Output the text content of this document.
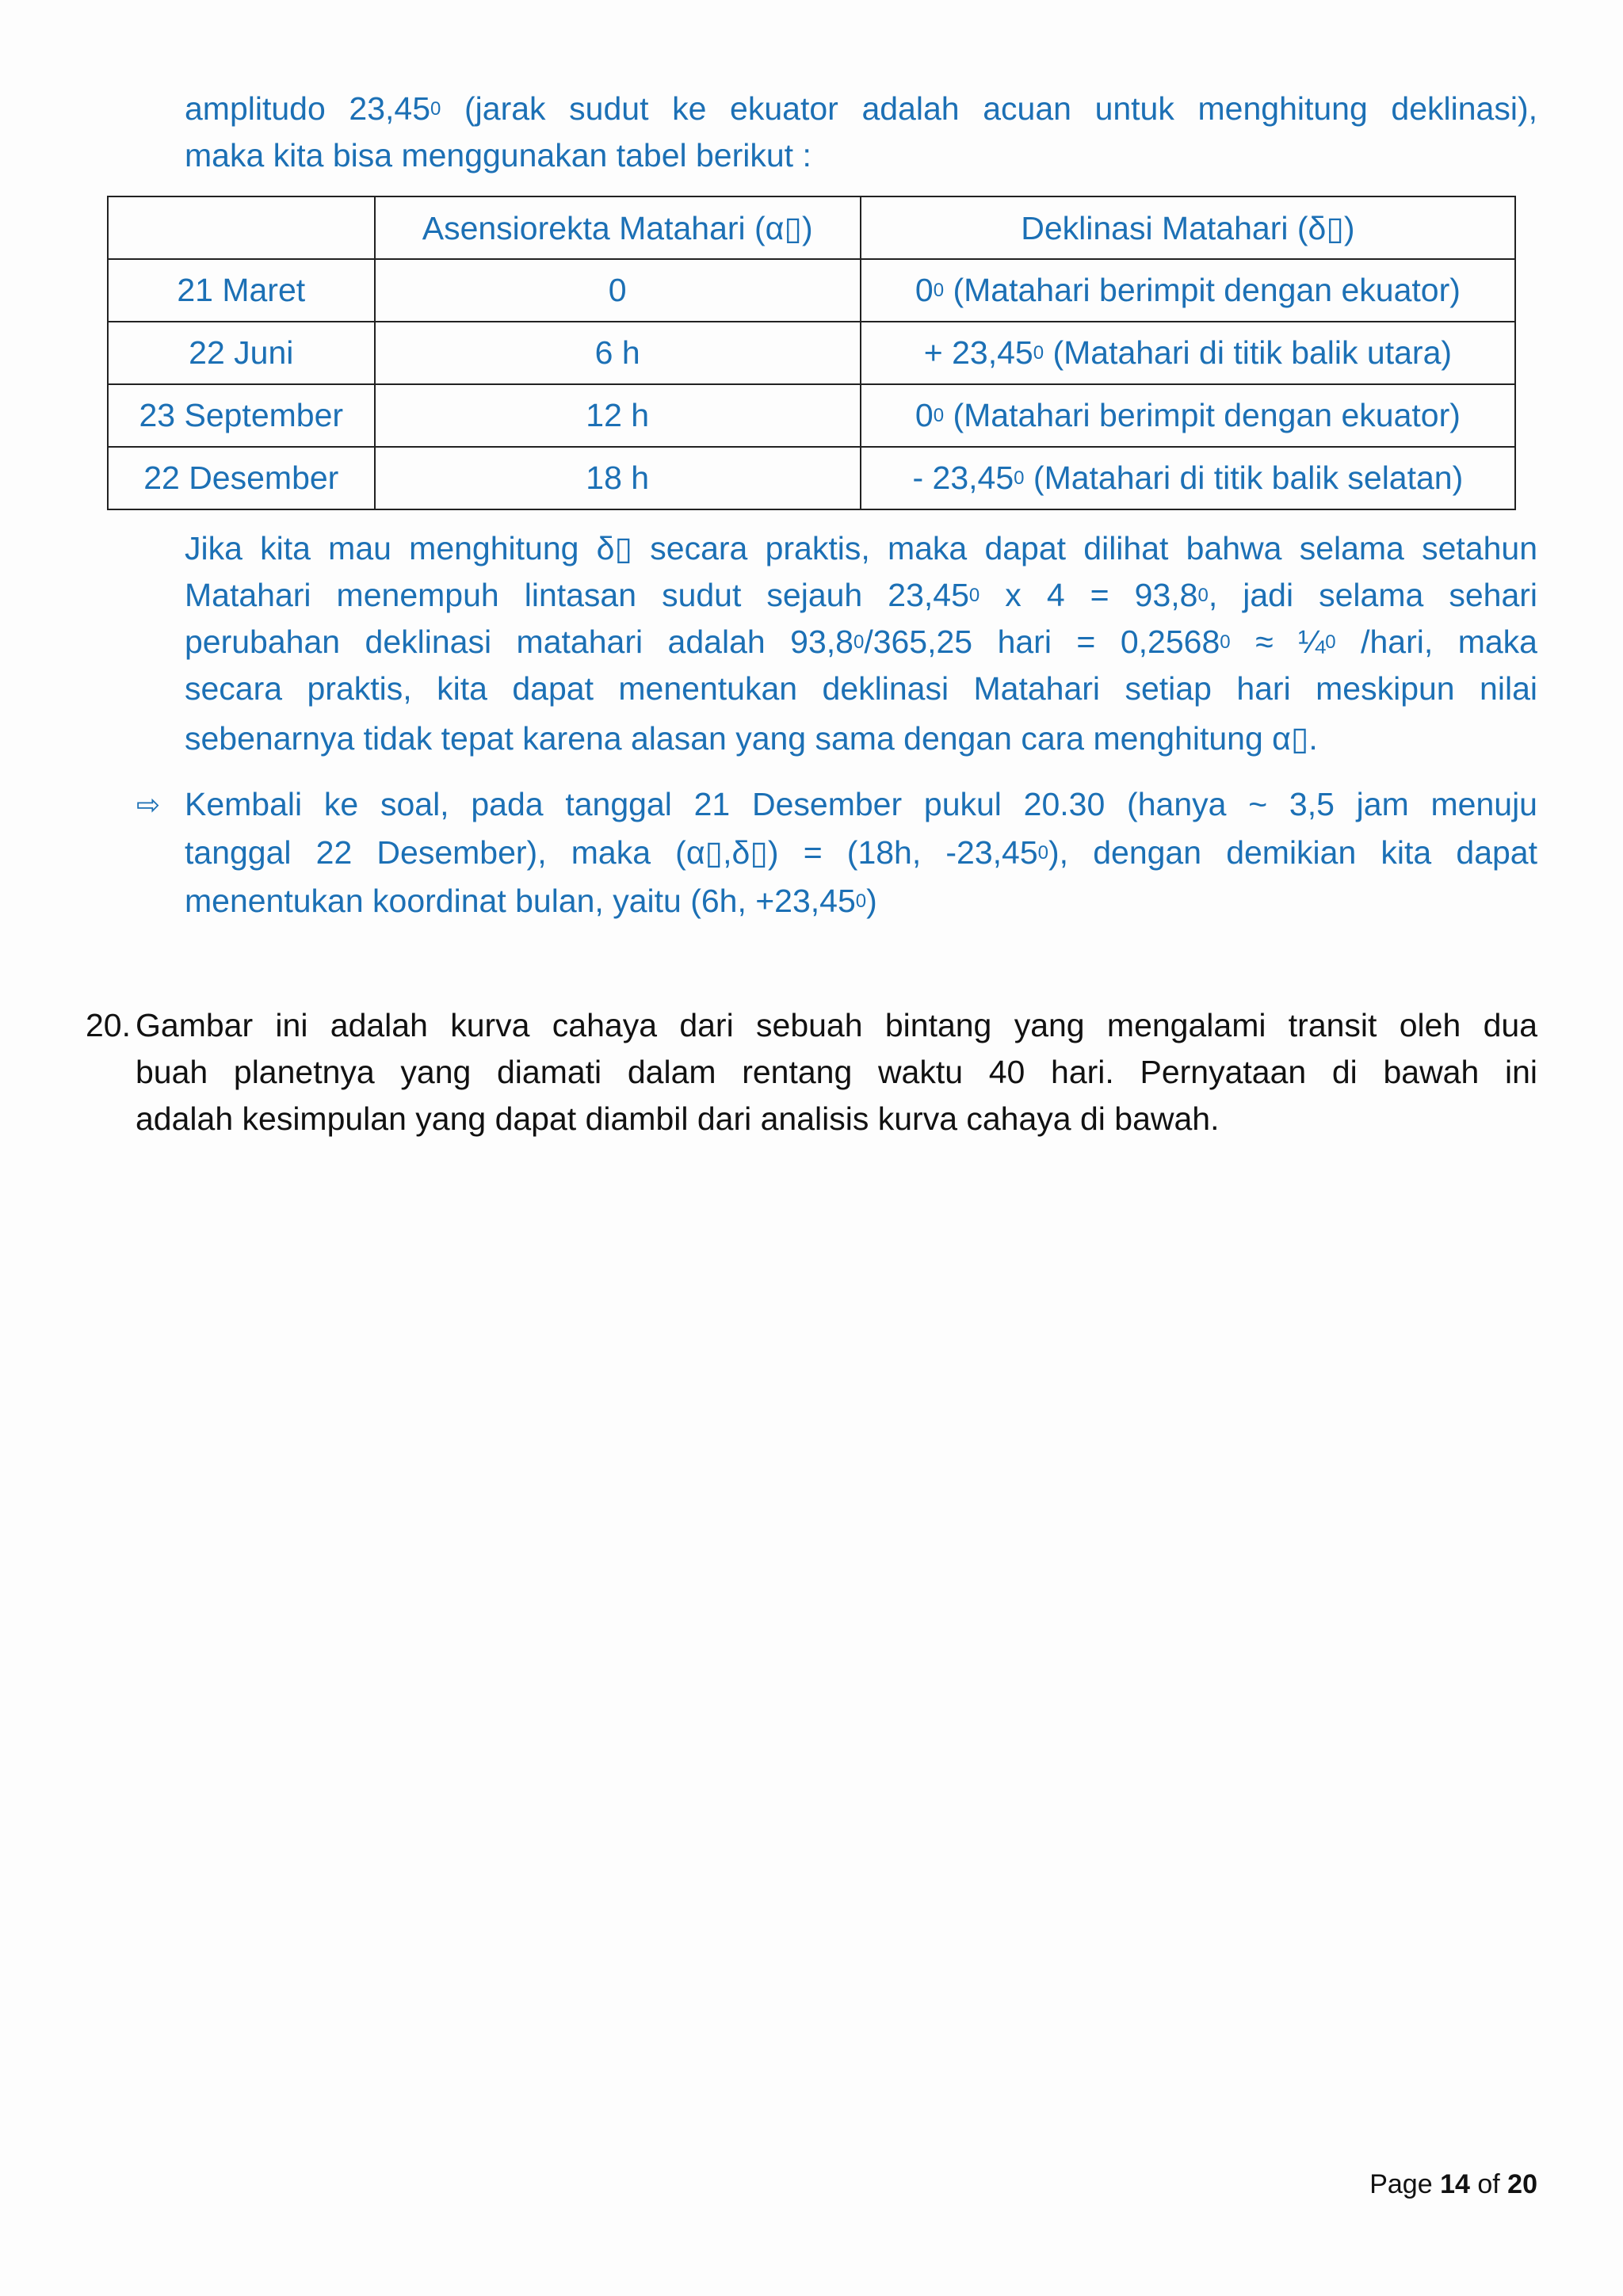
amplitudo 23,45$^0$ (jarak sudut ke ekuator adalah acuan untuk menghitung deklinasi),
maka kita bisa menggunakan tabel berikut :
	Asensiorekta Matahari (α▯)	Deklinasi Matahari (δ▯)
21 Maret	0	$0^0$ (Matahari berimpit dengan ekuator)
22 Juni	6 h	+ $23,45^0$ (Matahari di titik balik utara)
23 September	12 h	$0^0$ (Matahari berimpit dengan ekuator)
22 Desember	18 h	- 23,45$^0$ (Matahari di titik balik selatan)
Jika kita mau menghitung δ▯ secara praktis, maka dapat dilihat bahwa selama setahun
Matahari menempuh lintasan sudut sejauh 23,45$^0$ x $4 = 93,8^0$, jadi selama sehari
perubahan deklinasi matahari adalah 93,8$^0$/365,25 hari = $0,2568^0$ ≈ ¼$^0$ /hari, maka
secara praktis, kita dapat menentukan deklinasi Matahari setiap hari meskipun nilai
sebenarnya tidak tepat karena alasan yang sama dengan cara menghitung α▯.
⇨ Kembali ke soal, pada tanggal 21 Desember pukul 20.30 (hanya ~ 3,5 jam menuju
tanggal 22 Desember), maka (α▯,δ▯) = (18h, -23,45$^0$), dengan demikian kita dapat
menentukan koordinat bulan, yaitu (6h, $+23,45^0$)
20. Gambar ini adalah kurva cahaya dari sebuah bintang yang mengalami transit oleh dua
buah planetnya yang diamati dalam rentang waktu 40 hari. Pernyataan di bawah ini
adalah kesimpulan yang dapat diambil dari analisis kurva cahaya di bawah.
Page 14 of 20
